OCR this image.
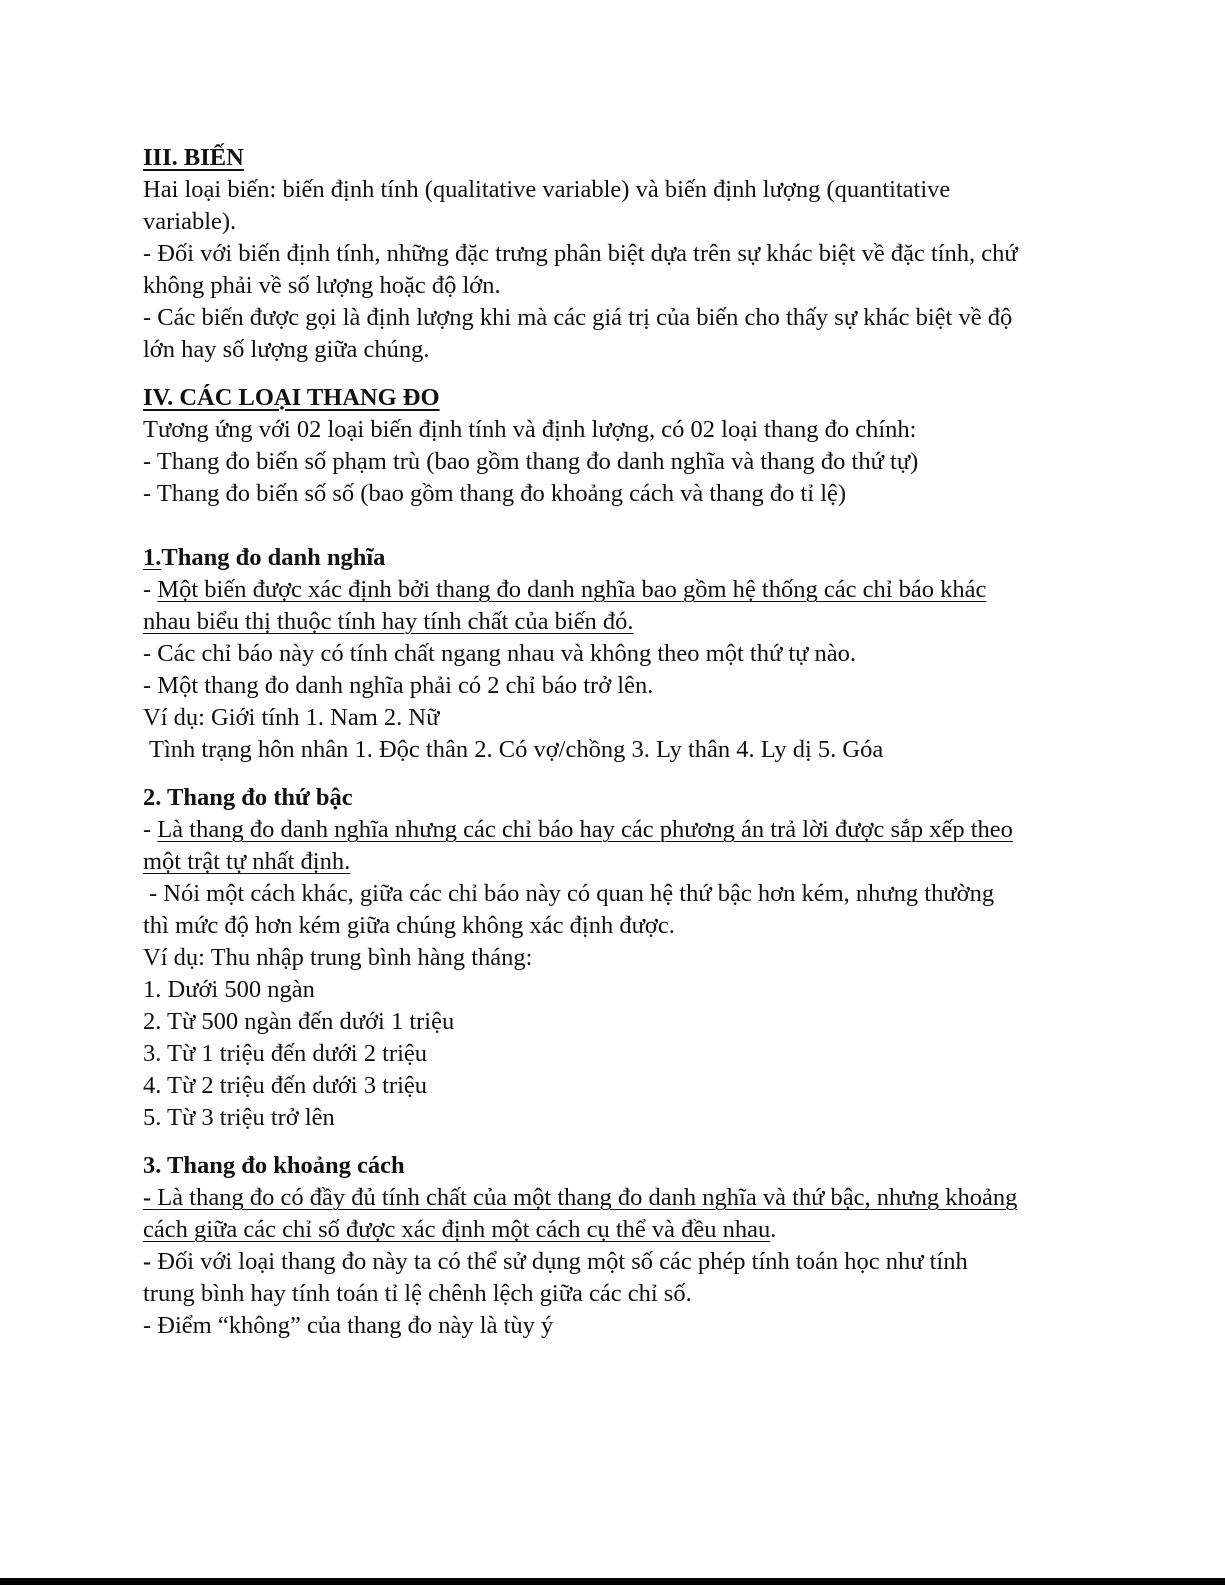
III. BIẾN
Hai loại biến: biến định tính (qualitative variable) và biến định lượng (quantitative
variable).
- Đối với biến định tính, những đặc trưng phân biệt dựa trên sự khác biệt về đặc tính, chứ
không phải về số lượng hoặc độ lớn.
- Các biến được gọi là định lượng khi mà các giá trị của biến cho thấy sự khác biệt về độ
lớn hay số lượng giữa chúng.
IV. CÁC LOẠI THANG ĐO
Tương ứng với 02 loại biến định tính và định lượng, có 02 loại thang đo chính:
- Thang đo biến số phạm trù (bao gồm thang đo danh nghĩa và thang đo thứ tự)
- Thang đo biến số số (bao gồm thang đo khoảng cách và thang đo tỉ lệ)
1.Thang đo danh nghĩa
- Một biến được xác định bởi thang đo danh nghĩa bao gồm hệ thống các chỉ báo khác
nhau biểu thị thuộc tính hay tính chất của biến đó.
- Các chỉ báo này có tính chất ngang nhau và không theo một thứ tự nào.
- Một thang đo danh nghĩa phải có 2 chỉ báo trở lên.
Ví dụ: Giới tính 1. Nam 2. Nữ
Tình trạng hôn nhân 1. Độc thân 2. Có vợ/chồng 3. Ly thân 4. Ly dị 5. Góa
2. Thang đo thứ bậc
- Là thang đo danh nghĩa nhưng các chỉ báo hay các phương án trả lời được sắp xếp theo
một trật tự nhất định.
- Nói một cách khác, giữa các chỉ báo này có quan hệ thứ bậc hơn kém, nhưng thường
thì mức độ hơn kém giữa chúng không xác định được.
Ví dụ: Thu nhập trung bình hàng tháng:
1. Dưới 500 ngàn
2. Từ 500 ngàn đến dưới 1 triệu
3. Từ 1 triệu đến dưới 2 triệu
4. Từ 2 triệu đến dưới 3 triệu
5. Từ 3 triệu trở lên
3. Thang đo khoảng cách
- Là thang đo có đầy đủ tính chất của một thang đo danh nghĩa và thứ bậc, nhưng khoảng
cách giữa các chỉ số được xác định một cách cụ thể và đều nhau.
- Đối với loại thang đo này ta có thể sử dụng một số các phép tính toán học như tính
trung bình hay tính toán tỉ lệ chênh lệch giữa các chỉ số.
- Điểm “không” của thang đo này là tùy ý
